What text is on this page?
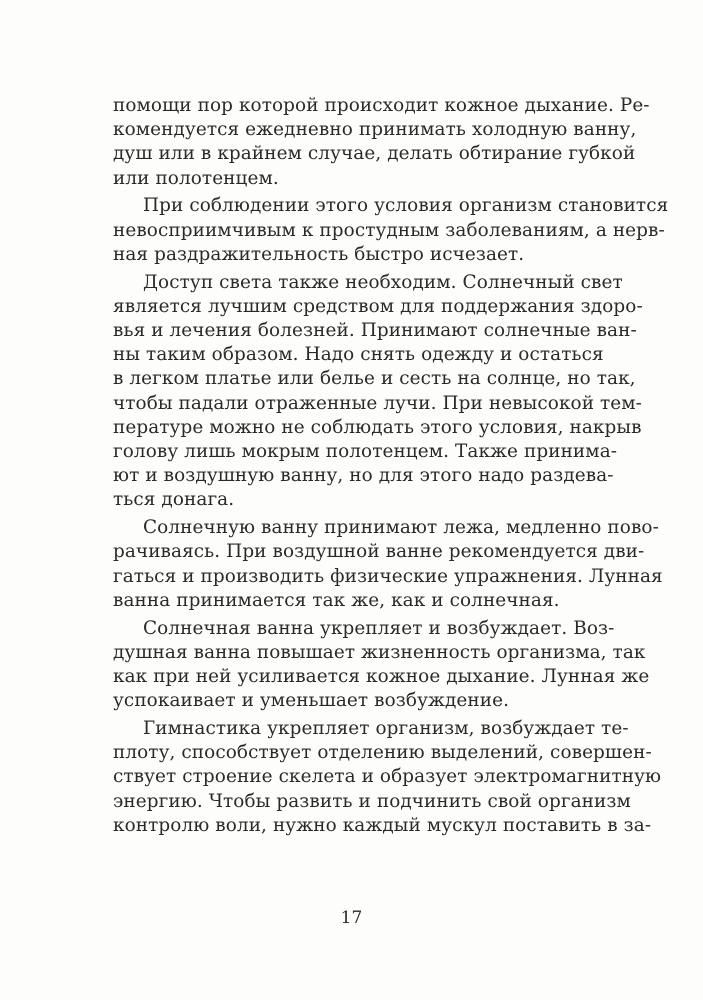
помощи пор которой происходит кожное дыхание. Ре-
комендуется ежедневно принимать холодную ванну,
душ или в крайнем случае, делать обтирание губкой
или полотенцем.
При соблюдении этого условия организм становится
невосприимчивым к простудным заболеваниям, а нерв-
ная раздражительность быстро исчезает.
Доступ света также необходим. Солнечный свет
является лучшим средством для поддержания здоро-
вья и лечения болезней. Принимают солнечные ван-
ны таким образом. Надо снять одежду и остаться
в легком платье или белье и сесть на солнце, но так,
чтобы падали отраженные лучи. При невысокой тем-
пературе можно не соблюдать этого условия, накрыв
голову лишь мокрым полотенцем. Также принима-
ют и воздушную ванну, но для этого надо раздева-
ться донага.
Солнечную ванну принимают лежа, медленно пово-
рачиваясь. При воздушной ванне рекомендуется дви-
гаться и производить физические упражнения. Лунная
ванна принимается так же, как и солнечная.
Солнечная ванна укрепляет и возбуждает. Воз-
душная ванна повышает жизненность организма, так
как при ней усиливается кожное дыхание. Лунная же
успокаивает и уменьшает возбуждение.
Гимнастика укрепляет организм, возбуждает те-
плоту, способствует отделению выделений, совершен-
ствует строение скелета и образует электромагнитную
энергию. Чтобы развить и подчинить свой организм
контролю воли, нужно каждый мускул поставить в за-
17
